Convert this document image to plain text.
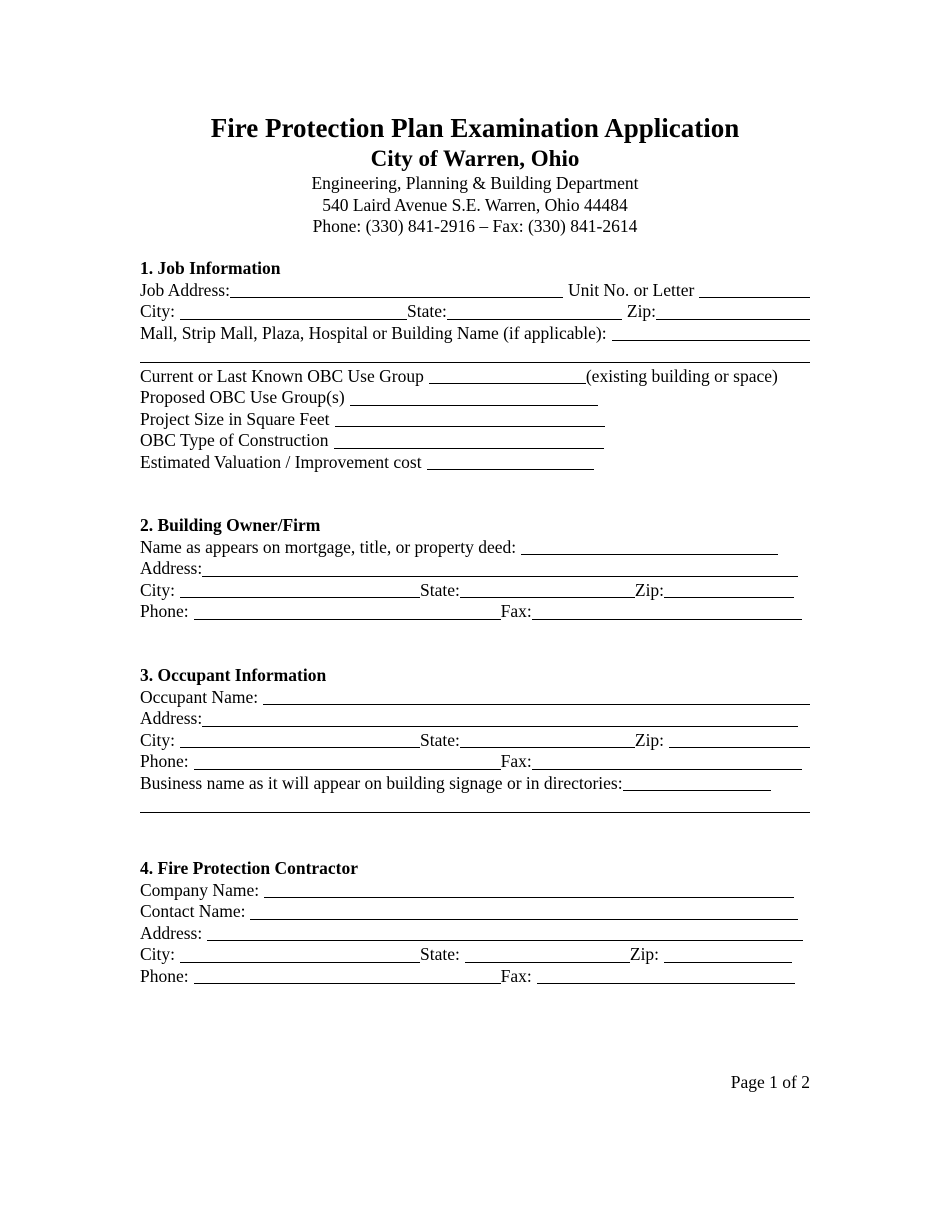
Fire Protection Plan Examination Application
City of Warren, Ohio
Engineering, Planning & Building Department
540 Laird Avenue S.E. Warren, Ohio 44484
Phone: (330) 841-2916 – Fax: (330) 841-2614
1. Job Information
Job Address:	Unit No. or Letter
City:	State:	Zip:
Mall, Strip Mall, Plaza, Hospital or Building Name (if applicable):
Current or Last Known OBC Use Group	(existing building or space)
Proposed OBC Use Group(s)
Project Size in Square Feet
OBC Type of Construction
Estimated Valuation / Improvement cost
2. Building Owner/Firm
Name as appears on mortgage, title, or property deed:
Address:
City:	State:	Zip:
Phone:	Fax:
3. Occupant Information
Occupant Name:
Address:
City:	State:	Zip:
Phone:	Fax:
Business name as it will appear on building signage or in directories:
4. Fire Protection Contractor
Company Name:
Contact Name:
Address:
City:	State:	Zip:
Phone:	Fax:
Page 1 of 2
